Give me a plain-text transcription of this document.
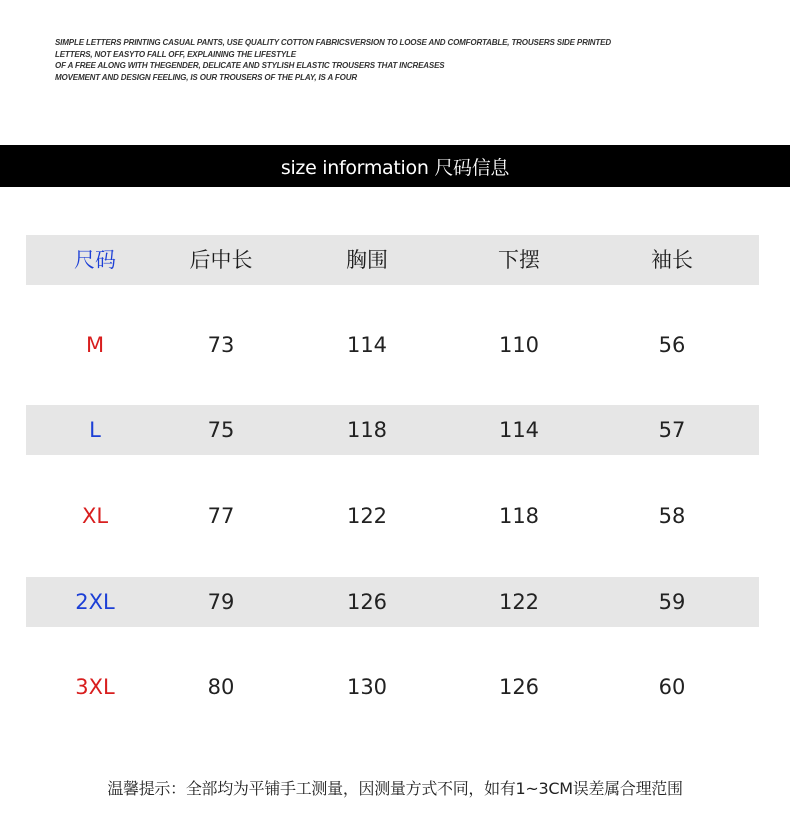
SIMPLE LETTERS PRINTING CASUAL PANTS, USE QUALITY COTTON FABRICSVERSION TO LOOSE AND COMFORTABLE, TROUSERS SIDE PRINTED
LETTERS, NOT EASYTO FALL OFF, EXPLAINING THE LIFESTYLE
OF A FREE ALONG WITH THEGENDER, DELICATE AND STYLISH ELASTIC TROUSERS THAT INCREASES
MOVEMENT AND DESIGN FEELING, IS OUR TROUSERS OF THE PLAY, IS A FOUR
size information 尺码信息
尺码	后中长	胸围	下摆	袖长
M	73	114	110	56
L	75	118	114	57
XL	77	122	118	58
2XL	79	126	122	59
3XL	80	130	126	60
温馨提示：全部均为平铺手工测量，因测量方式不同，如有1~3CM误差属合理范围
